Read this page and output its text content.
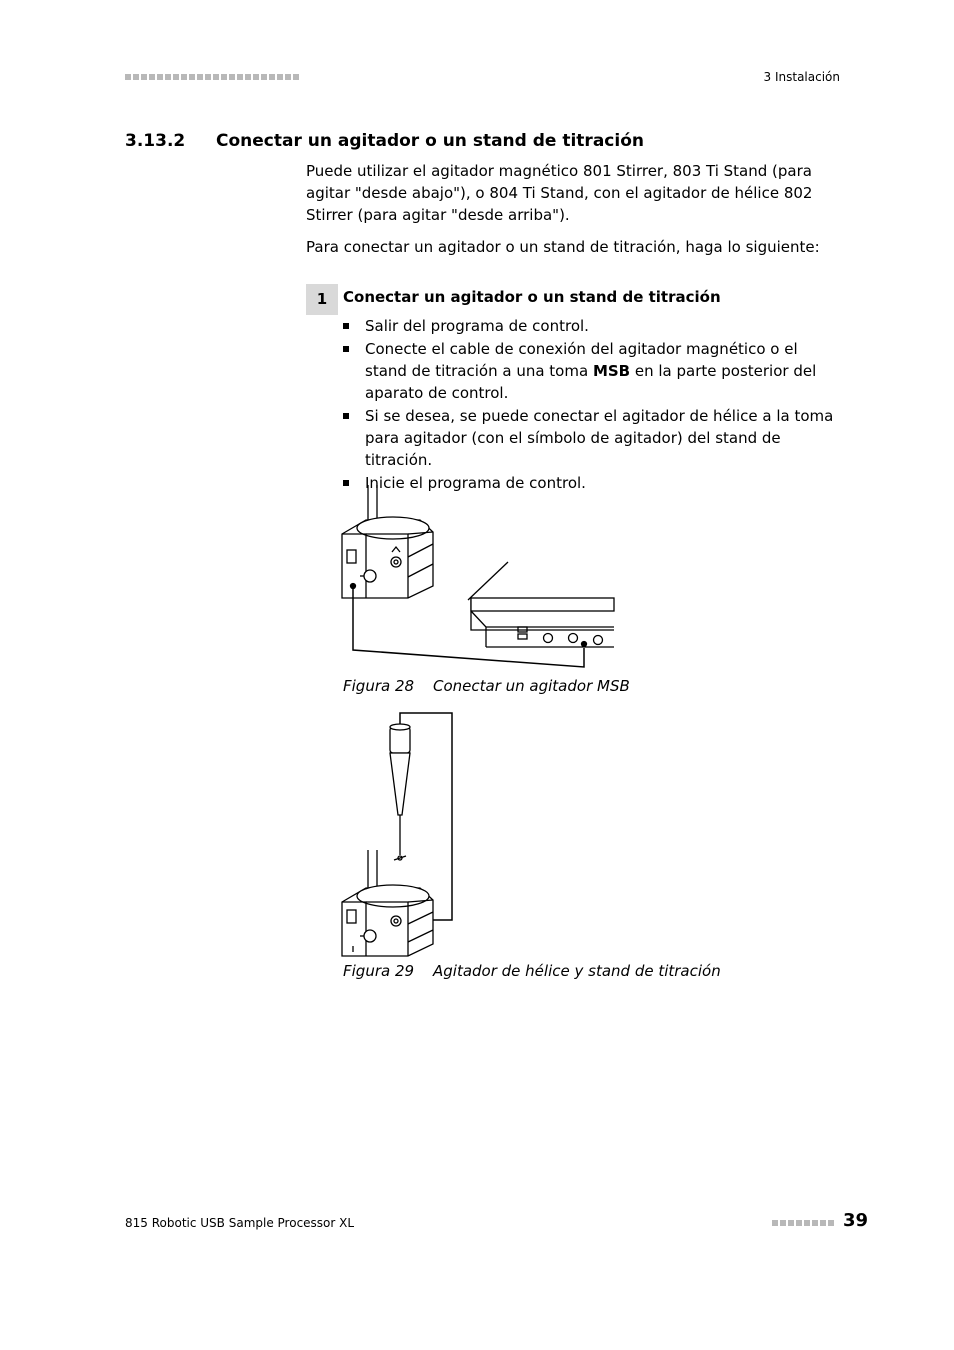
3 Instalación
3.13.2 Conectar un agitador o un stand de titración
Puede utilizar el agitador magnético 801 Stirrer, 803 Ti Stand (para agitar "desde abajo"), o 804 Ti Stand, con el agitador de hélice 802 Stirrer (para agitar "desde arriba").
Para conectar un agitador o un stand de titración, haga lo siguiente:
1	Conectar un agitador o un stand de titración
Salir del programa de control.
Conecte el cable de conexión del agitador magnético o el stand de titración a una toma MSB en la parte posterior del aparato de control.
Si se desea, se puede conectar el agitador de hélice a la toma para agitador (con el símbolo de agitador) del stand de titración.
Inicie el programa de control.
Figura 28 Conectar un agitador MSB
Figura 29 Agitador de hélice y stand de titración
815 Robotic USB Sample Processor XL	39
